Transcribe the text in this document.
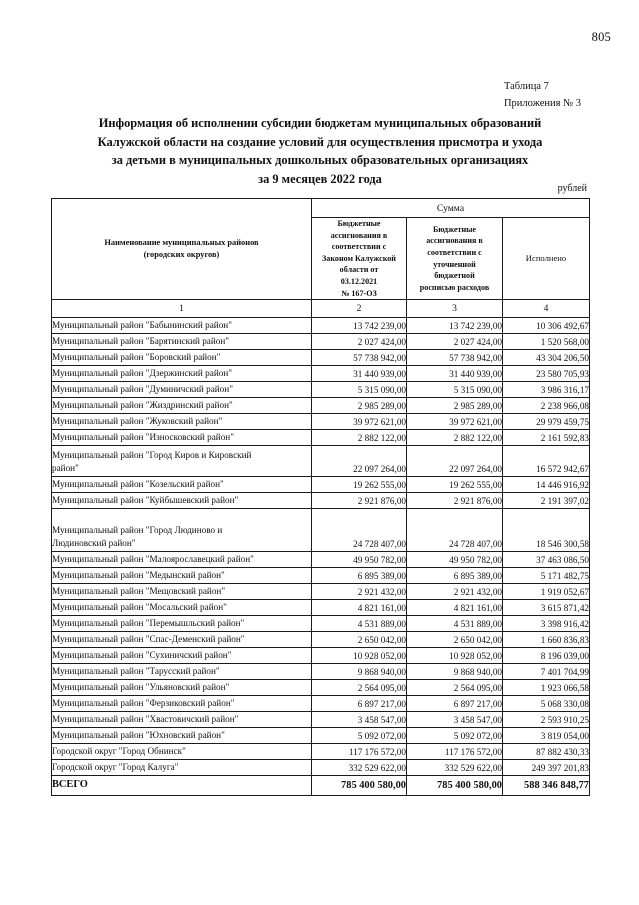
805
Таблица 7
Приложения № 3
Информация об исполнении субсидии бюджетам муниципальных образований
Калужской области на создание условий для осуществления присмотра и ухода
за детьми в муниципальных дошкольных образовательных организациях
за 9 месяцев 2022 года
рублей
Наименование муниципальных районов
(городских округов)	Сумма		

Бюджетные
ассигнования в
соответствии с
Законом Калужской
области от
03.12.2021
№ 167-ОЗ

Бюджетные
ассигнования в
соответствии с
уточненной
бюджетной
росписью расходов
	Исполнено
1	2	3	4
Муниципальный район "Бабынинский район"	13 742 239,00	13 742 239,00	10 306 492,67
Муниципальный район "Барятинский район"	2 027 424,00	2 027 424,00	1 520 568,00
Муниципальный район "Боровский район"	57 738 942,00	57 738 942,00	43 304 206,50
Муниципальный район "Дзержинский район"	31 440 939,00	31 440 939,00	23 580 705,93
Муниципальный район "Думиничский район"	5 315 090,00	5 315 090,00	3 986 316,17
Муниципальный район "Жиздринский район"	2 985 289,00	2 985 289,00	2 238 966,08
Муниципальный район "Жуковский район"	39 972 621,00	39 972 621,00	29 979 459,75
Муниципальный район "Износковский район"	2 882 122,00	2 882 122,00	2 161 592,83

Муниципальный район "Город Киров и Кировский
район"	22 097 264,00	22 097 264,00	16 572 942,67
Муниципальный район "Козельский район"	19 262 555,00	19 262 555,00	14 446 916,92
Муниципальный район "Куйбышевский район"	2 921 876,00	2 921 876,00	2 191 397,02

Муниципальный район "Город Людиново и
Людиновский район"	24 728 407,00	24 728 407,00	18 546 300,58
Муниципальный район "Малоярославецкий район"	49 950 782,00	49 950 782,00	37 463 086,50
Муниципальный район "Медынский район"	6 895 389,00	6 895 389,00	5 171 482,75
Муниципальный район "Мещовский район"	2 921 432,00	2 921 432,00	1 919 052,67
Муниципальный район "Мосальский район"	4 821 161,00	4 821 161,00	3 615 871,42
Муниципальный район "Перемышльский район"	4 531 889,00	4 531 889,00	3 398 916,42
Муниципальный район "Спас-Деменский район"	2 650 042,00	2 650 042,00	1 660 836,83
Муниципальный район "Сухиничский район"	10 928 052,00	10 928 052,00	8 196 039,00
Муниципальный район "Тарусский район"	9 868 940,00	9 868 940,00	7 401 704,99
Муниципальный район "Ульяновский район"	2 564 095,00	2 564 095,00	1 923 066,58
Муниципальный район "Ферзиковский район"	6 897 217,00	6 897 217,00	5 068 330,08
Муниципальный район "Хвастовичский район"	3 458 547,00	3 458 547,00	2 593 910,25
Муниципальный район "Юхновский район"	5 092 072,00	5 092 072,00	3 819 054,00
Городской округ "Город Обнинск"	117 176 572,00	117 176 572,00	87 882 430,33
Городской округ "Город Калуга"	332 529 622,00	332 529 622,00	249 397 201,83
ВСЕГО	785 400 580,00	785 400 580,00	588 346 848,77
